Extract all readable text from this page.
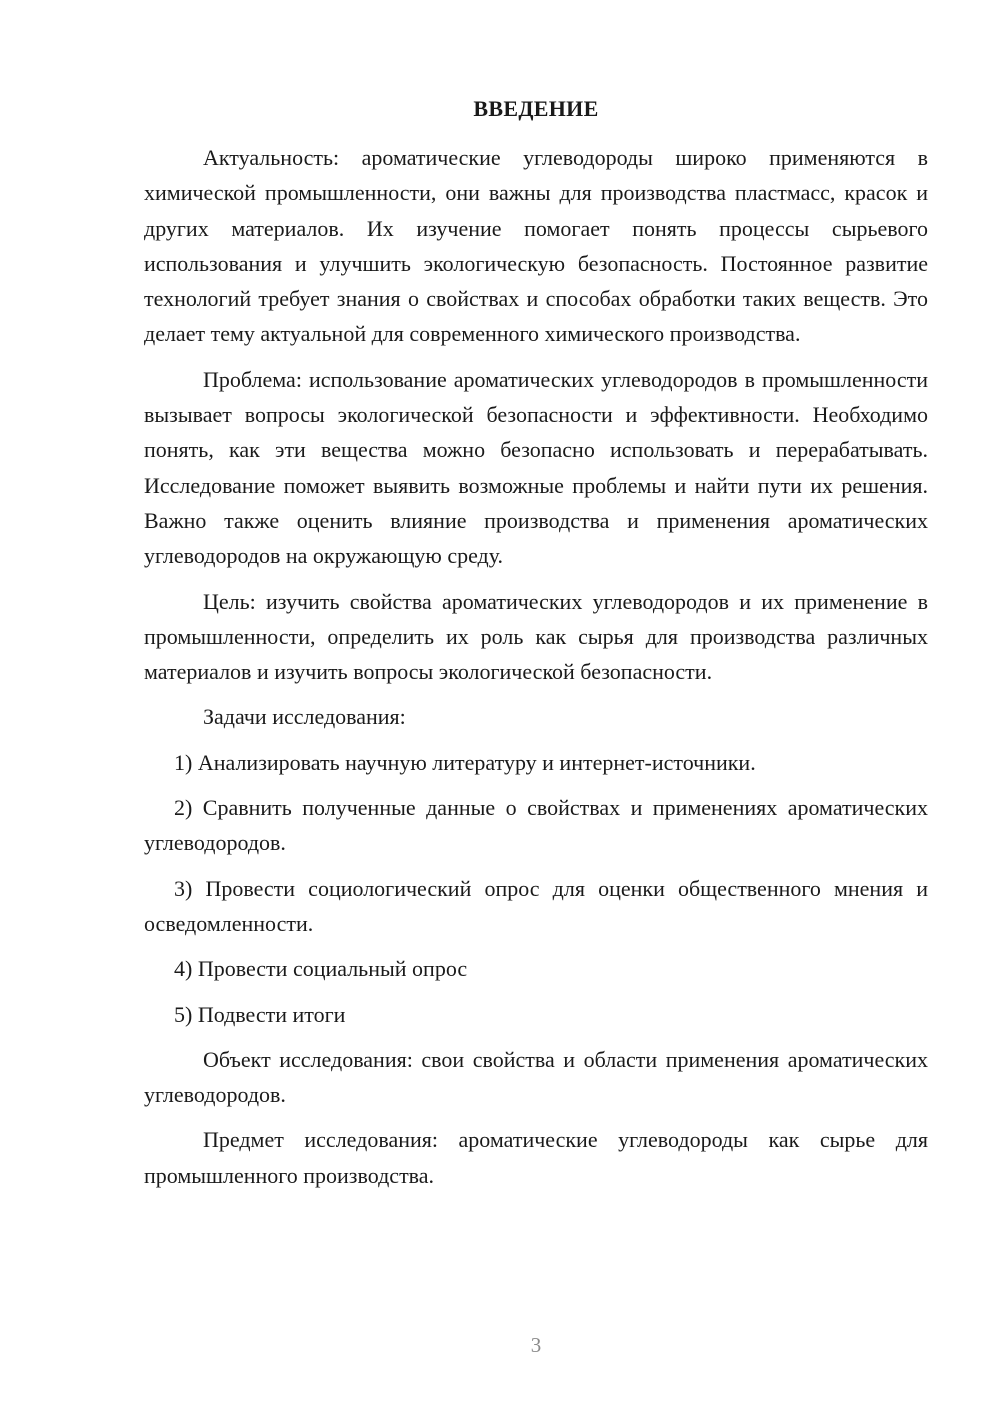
ВВЕДЕНИЕ

Актуальность: ароматические углеводороды широко применяются в химической промышленности, они важны для производства пластмасс, красок и других материалов. Их изучение помогает понять процессы сырьевого использования и улучшить экологическую безопасность. Постоянное развитие технологий требует знания о свойствах и способах обработки таких веществ. Это делает тему актуальной для современного химического производства.

Проблема: использование ароматических углеводородов в промышленности вызывает вопросы экологической безопасности и эффективности. Необходимо понять, как эти вещества можно безопасно использовать и перерабатывать. Исследование поможет выявить возможные проблемы и найти пути их решения. Важно также оценить влияние производства и применения ароматических углеводородов на окружающую среду.

Цель: изучить свойства ароматических углеводородов и их применение в промышленности, определить их роль как сырья для производства различных материалов и изучить вопросы экологической безопасности.

Задачи исследования:

1) Анализировать научную литературу и интернет-источники.

2) Сравнить полученные данные о свойствах и применениях ароматических углеводородов.

3) Провести социологический опрос для оценки общественного мнения и осведомленности.

4) Провести социальный опрос

5) Подвести итоги

Объект исследования: свои свойства и области применения ароматических углеводородов.

Предмет исследования: ароматические углеводороды как сырье для промышленного производства.

3
